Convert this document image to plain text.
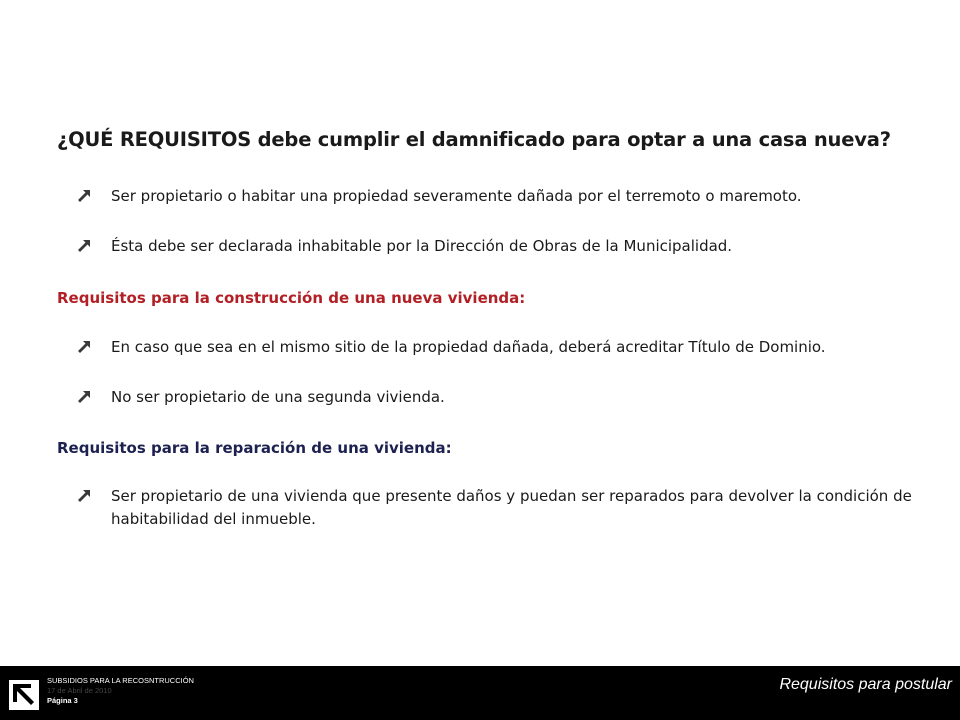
¿QUÉ REQUISITOS debe cumplir el damnificado para optar a una casa nueva?
Ser propietario o habitar una propiedad severamente dañada por el terremoto o maremoto.
Ésta debe ser declarada inhabitable por la Dirección de Obras de la Municipalidad.
Requisitos para la construcción de una nueva vivienda:
En caso que sea en el mismo sitio de la propiedad dañada, deberá acreditar Título de Dominio.
No ser propietario de una segunda vivienda.
Requisitos para la reparación de una vivienda:
Ser propietario de una vivienda que presente daños y puedan ser reparados para devolver la condición de habitabilidad del inmueble.
SUBSIDIOS PARA LA RECOSNTRUCCIÓN
17 de Abril de 2010
Página 3
Requisitos para postular
